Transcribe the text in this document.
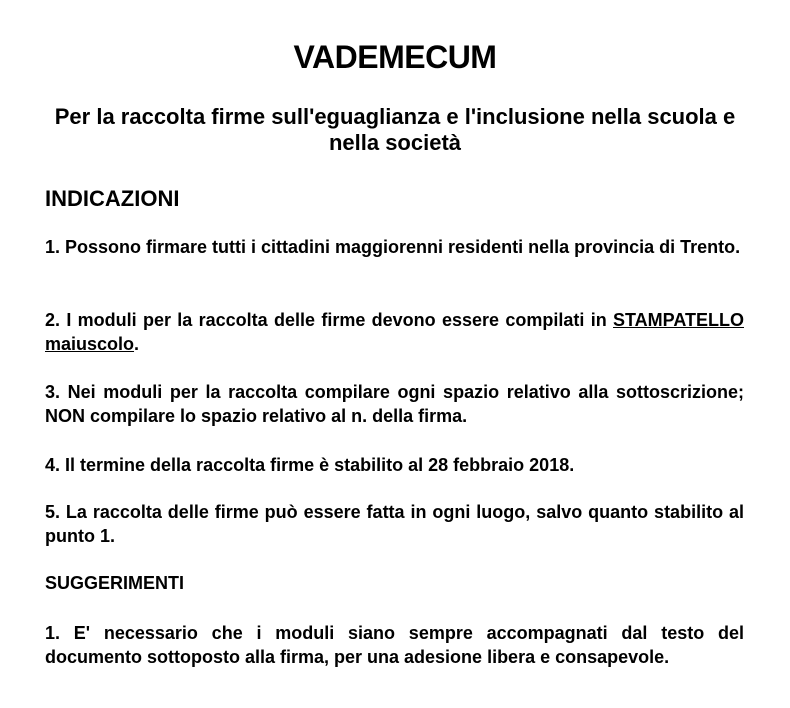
VADEMECUM
Per la raccolta firme sull'eguaglianza e l'inclusione nella scuola e nella società
INDICAZIONI
1. Possono firmare tutti i cittadini maggiorenni residenti nella provincia di Trento.
2. I moduli per la raccolta delle firme devono essere compilati in STAMPATELLO maiuscolo.
3. Nei moduli per la raccolta compilare ogni spazio relativo alla sottoscrizione; NON compilare lo spazio relativo al n. della firma.
4. Il termine della raccolta firme è stabilito al 28 febbraio 2018.
5. La raccolta delle firme può essere fatta in ogni luogo, salvo quanto stabilito al punto 1.
SUGGERIMENTI
1. E' necessario che i moduli siano sempre accompagnati dal testo del documento sottoposto alla firma, per una adesione libera e consapevole.
